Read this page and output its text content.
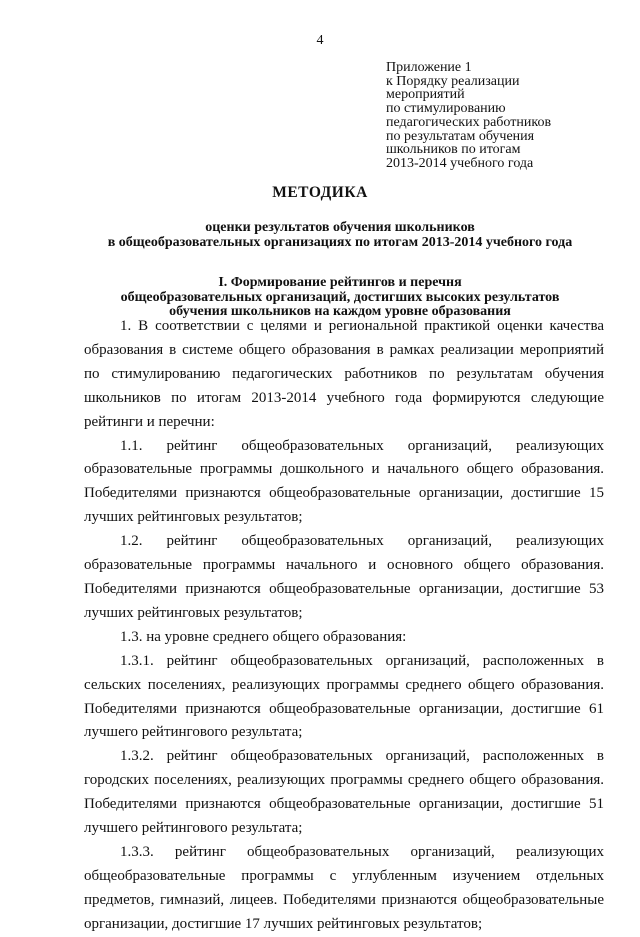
4
Приложение 1
к Порядку реализации
мероприятий
по стимулированию
педагогических работников
по результатам обучения
школьников по итогам
2013-2014 учебного года
МЕТОДИКА
оценки результатов обучения школьников
в общеобразовательных организациях по итогам 2013-2014 учебного года
I. Формирование рейтингов и перечня
общеобразовательных организаций, достигших высоких результатов
обучения школьников на каждом уровне образования

1. В соответствии с целями и региональной практикой оценки качества образования в системе общего образования в рамках реализации мероприятий по стимулированию педагогических работников по результатам обучения школьников по итогам 2013-2014 учебного года формируются следующие рейтинги и перечни:

1.1. рейтинг общеобразовательных организаций, реализующих образовательные программы дошкольного и начального общего образования. Победителями признаются общеобразовательные организации, достигшие 15 лучших рейтинговых результатов;

1.2. рейтинг общеобразовательных организаций, реализующих образовательные программы начального и основного общего образования. Победителями признаются общеобразовательные организации, достигшие 53 лучших рейтинговых результатов;

1.3. на уровне среднего общего образования:

1.3.1. рейтинг общеобразовательных организаций, расположенных в сельских поселениях, реализующих программы среднего общего образования. Победителями признаются общеобразовательные организации, достигшие 61 лучшего рейтингового результата;

1.3.2. рейтинг общеобразовательных организаций, расположенных в городских поселениях, реализующих программы среднего общего образования. Победителями признаются общеобразовательные организации, достигшие 51 лучшего рейтингового результата;

1.3.3. рейтинг общеобразовательных организаций, реализующих общеобразовательные программы с углубленным изучением отдельных предметов, гимназий, лицеев. Победителями признаются общеобразовательные организации, достигшие 17 лучших рейтинговых результатов;
